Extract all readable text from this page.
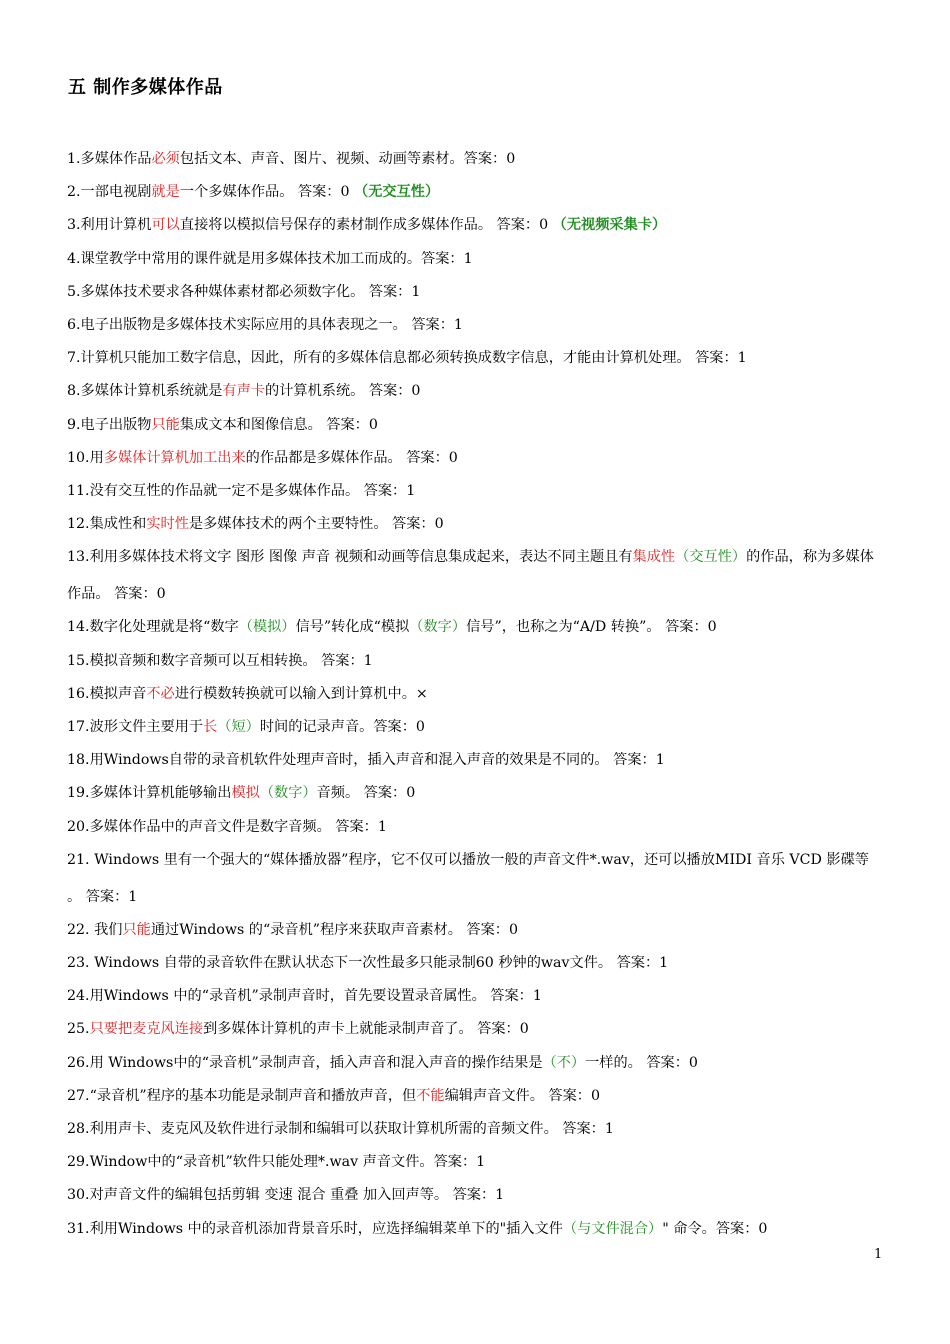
五 制作多媒体作品
1.多媒体作品必须包括文本、声音、图片、视频、动画等素材。答案：0
2.一部电视剧就是一个多媒体作品。 答案：0 （无交互性）
3.利用计算机可以直接将以模拟信号保存的素材制作成多媒体作品。 答案：0 （无视频采集卡）
4.课堂教学中常用的课件就是用多媒体技术加工而成的。答案：1
5.多媒体技术要求各种媒体素材都必须数字化。 答案：1
6.电子出版物是多媒体技术实际应用的具体表现之一。 答案：1
7.计算机只能加工数字信息，因此，所有的多媒体信息都必须转换成数字信息，才能由计算机处理。 答案：1
8.多媒体计算机系统就是有声卡的计算机系统。 答案：0
9.电子出版物只能集成文本和图像信息。 答案：0
10.用多媒体计算机加工出来的作品都是多媒体作品。 答案：0
11.没有交互性的作品就一定不是多媒体作品。 答案：1
12.集成性和实时性是多媒体技术的两个主要特性。 答案：0
13.利用多媒体技术将文字 图形 图像 声音 视频和动画等信息集成起来，表达不同主题且有集成性（交互性）的作品，称为多媒体作品。 答案：0
14.数字化处理就是将“数字（模拟）信号”转化成“模拟（数字）信号”，也称之为“A/D 转换”。 答案：0
15.模拟音频和数字音频可以互相转换。 答案：1
16.模拟声音不必进行模数转换就可以输入到计算机中。×
17.波形文件主要用于长（短）时间的记录声音。答案：0
18.用Windows自带的录音机软件处理声音时，插入声音和混入声音的效果是不同的。 答案：1
19.多媒体计算机能够输出模拟（数字）音频。 答案：0
20.多媒体作品中的声音文件是数字音频。 答案：1
21. Windows 里有一个强大的“媒体播放器”程序，它不仅可以播放一般的声音文件*.wav，还可以播放MIDI 音乐 VCD 影碟等 。 答案：1
22. 我们只能通过Windows 的“录音机”程序来获取声音素材。 答案：0
23. Windows 自带的录音软件在默认状态下一次性最多只能录制60 秒钟的wav文件。 答案：1
24.用Windows 中的“录音机”录制声音时，首先要设置录音属性。 答案：1
25.只要把麦克风连接到多媒体计算机的声卡上就能录制声音了。 答案：0
26.用 Windows中的“录音机”录制声音，插入声音和混入声音的操作结果是（不）一样的。 答案：0
27.“录音机”程序的基本功能是录制声音和播放声音，但不能编辑声音文件。 答案：0
28.利用声卡、麦克风及软件进行录制和编辑可以获取计算机所需的音频文件。 答案：1
29.Window中的“录音机”软件只能处理*.wav 声音文件。答案：1
30.对声音文件的编辑包括剪辑 变速 混合 重叠 加入回声等。 答案：1
31.利用Windows 中的录音机添加背景音乐时，应选择编辑菜单下的"插入文件（与文件混合）" 命令。答案：0
1
